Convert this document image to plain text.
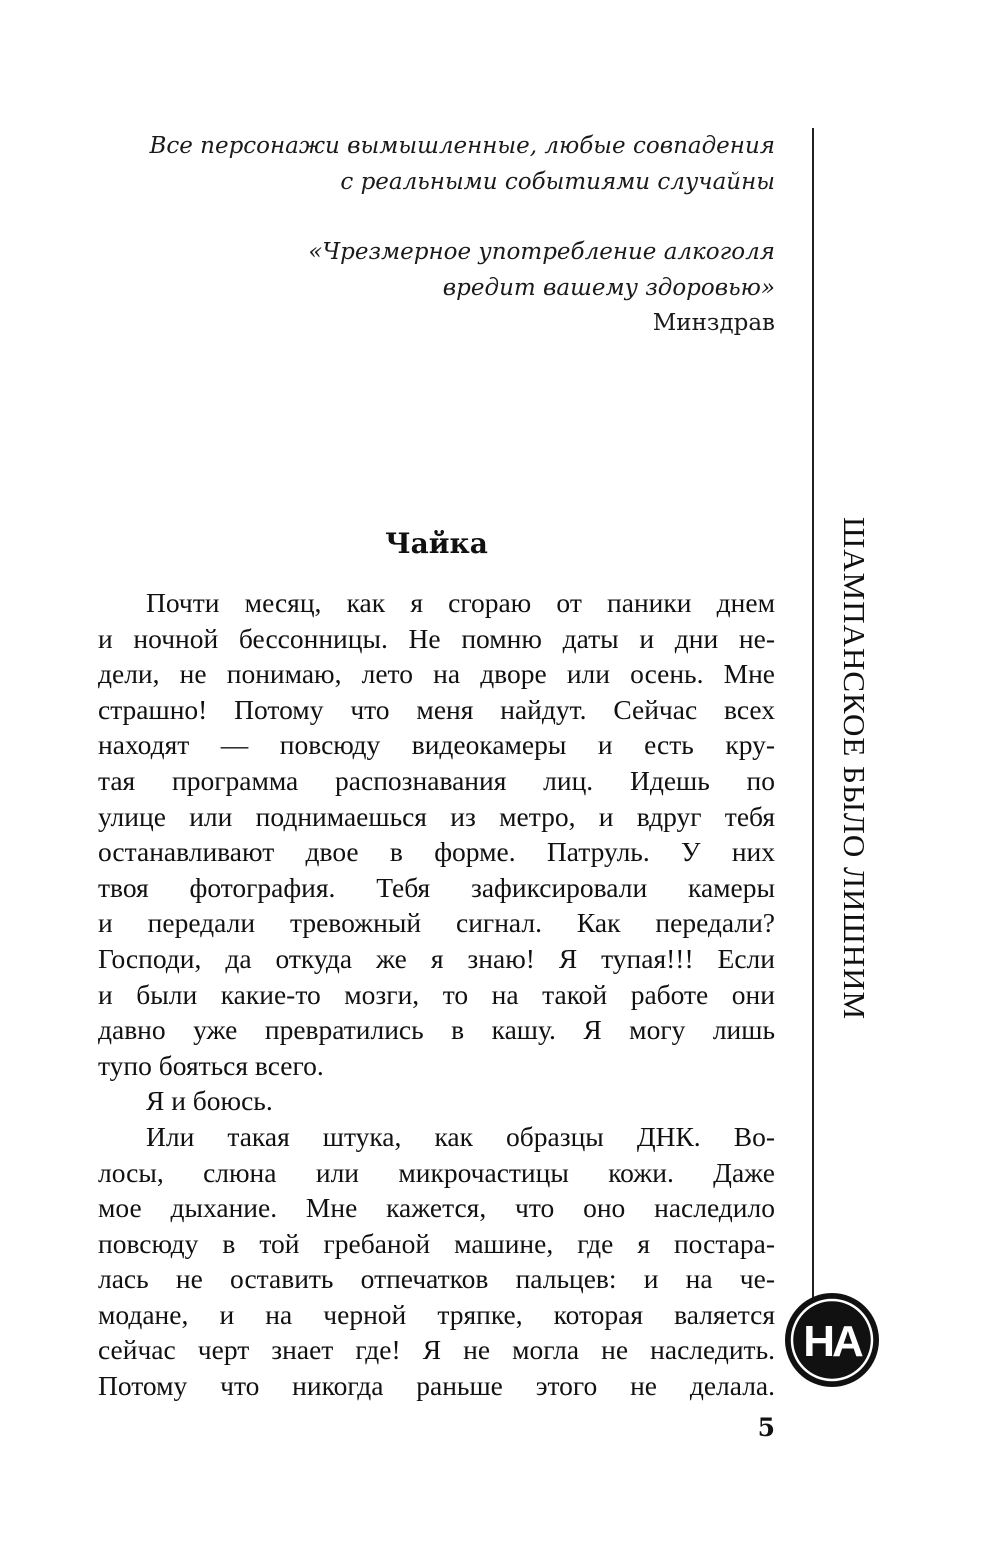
Все персонажи вымышленные, любые совпадения
с реальными событиями случайны

«Чрезмерное употребление алкоголя
вредит вашему здоровью»

Минздрав

Чайка
Почти месяц, как я сгораю от паники днем
и ночной бессонницы. Не помню даты и дни не-
дели, не понимаю, лето на дворе или осень. Мне
страшно! Потому что меня найдут. Сейчас всех
находят — повсюду видеокамеры и есть кру-
тая программа распознавания лиц. Идешь по
улице или поднимаешься из метро, и вдруг тебя
останавливают двое в форме. Патруль. У них
твоя фотография. Тебя зафиксировали камеры
и передали тревожный сигнал. Как передали?
Господи, да откуда же я знаю! Я тупая!!! Если
и были какие-то мозги, то на такой работе они
давно уже превратились в кашу. Я могу лишь
тупо бояться всего.
Я и боюсь.
Или такая штука, как образцы ДНК. Во-
лосы, слюна или микрочастицы кожи. Даже
мое дыхание. Мне кажется, что оно наследило
повсюду в той гребаной машине, где я постара-
лась не оставить отпечатков пальцев: и на че-
модане, и на черной тряпке, которая валяется
сейчас черт знает где! Я не могла не наследить.
Потому что никогда раньше этого не делала.
5
ШАМПАНСКОЕ БЫЛО ЛИШНИМ
НА
